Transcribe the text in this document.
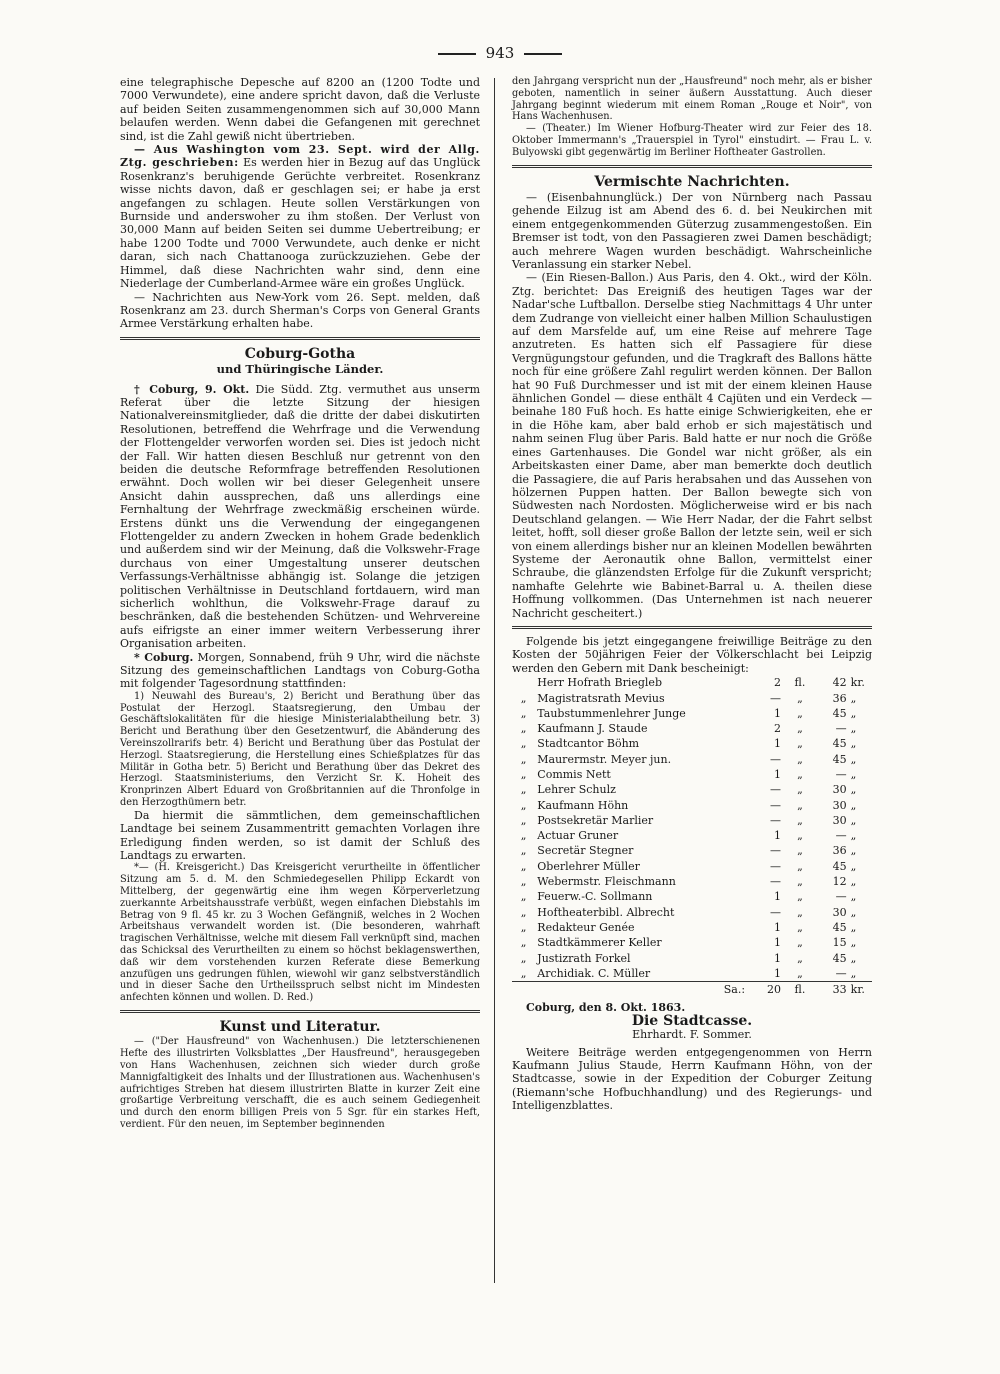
943

eine telegraphische Depesche auf 8200 an (1200 Todte und 7000 Verwundete), eine andere spricht davon, daß die Verluste auf beiden Seiten zusammengenommen sich auf 30,000 Mann belaufen werden. Wenn dabei die Gefangenen mit gerechnet sind, ist die Zahl gewiß nicht übertrieben.

— Aus Washington vom 23. Sept. wird der Allg. Ztg. geschrieben: Es werden hier in Bezug auf das Unglück Rosenkranz's beruhigende Gerüchte verbreitet. Rosenkranz wisse nichts davon, daß er geschlagen sei; er habe ja erst angefangen zu schlagen. Heute sollen Verstärkungen von Burnside und anderswoher zu ihm stoßen. Der Verlust von 30,000 Mann auf beiden Seiten sei dumme Uebertreibung; er habe 1200 Todte und 7000 Verwundete, auch denke er nicht daran, sich nach Chattanooga zurückzuziehen. Gebe der Himmel, daß diese Nachrichten wahr sind, denn eine Niederlage der Cumberland-Armee wäre ein großes Unglück.

— Nachrichten aus New-York vom 26. Sept. melden, daß Rosenkranz am 23. durch Sherman's Corps von General Grants Armee Verstärkung erhalten habe.

Coburg-Gotha
und Thüringische Länder.

† Coburg, 9. Okt. Die Südd. Ztg. vermuthet aus unserm Referat über die letzte Sitzung der hiesigen Nationalvereinsmitglieder, daß die dritte der dabei diskutirten Resolutionen, betreffend die Wehrfrage und die Verwendung der Flottengelder verworfen worden sei. Dies ist jedoch nicht der Fall. Wir hatten diesen Beschluß nur getrennt von den beiden die deutsche Reformfrage betreffenden Resolutionen erwähnt. Doch wollen wir bei dieser Gelegenheit unsere Ansicht dahin aussprechen, daß uns allerdings eine Fernhaltung der Wehrfrage zweckmäßig erscheinen würde. Erstens dünkt uns die Verwendung der eingegangenen Flottengelder zu andern Zwecken in hohem Grade bedenklich und außerdem sind wir der Meinung, daß die Volkswehr-Frage durchaus von einer Umgestaltung unserer deutschen Verfassungs-Verhältnisse abhängig ist. Solange die jetzigen politischen Verhältnisse in Deutschland fortdauern, wird man sicherlich wohlthun, die Volkswehr-Frage darauf zu beschränken, daß die bestehenden Schützen- und Wehrvereine aufs eifrigste an einer immer weitern Verbesserung ihrer Organisation arbeiten.

* Coburg. Morgen, Sonnabend, früh 9 Uhr, wird die nächste Sitzung des gemeinschaftlichen Landtags von Coburg-Gotha mit folgender Tagesordnung stattfinden:

1) Neuwahl des Bureau's, 2) Bericht und Berathung über das Postulat der Herzogl. Staatsregierung, den Umbau der Geschäftslokalitäten für die hiesige Ministerialabtheilung betr. 3) Bericht und Berathung über den Gesetzentwurf, die Abänderung des Vereinszollrarifs betr. 4) Bericht und Berathung über das Postulat der Herzogl. Staatsregierung, die Herstellung eines Schießplatzes für das Militär in Gotha betr. 5) Bericht und Berathung über das Dekret des Herzogl. Staatsministeriums, den Verzicht Sr. K. Hoheit des Kronprinzen Albert Eduard von Großbritannien auf die Thronfolge in den Herzogthümern betr.

Da hiermit die sämmtlichen, dem gemeinschaftlichen Landtage bei seinem Zusammentritt gemachten Vorlagen ihre Erledigung finden werden, so ist damit der Schluß des Landtags zu erwarten.

*— (H. Kreisgericht.) Das Kreisgericht verurtheilte in öffentlicher Sitzung am 5. d. M. den Schmiedegesellen Philipp Eckardt von Mittelberg, der gegenwärtig eine ihm wegen Körperverletzung zuerkannte Arbeitshausstrafe verbüßt, wegen einfachen Diebstahls im Betrag von 9 fl. 45 kr. zu 3 Wochen Gefängniß, welches in 2 Wochen Arbeitshaus verwandelt worden ist. (Die besonderen, wahrhaft tragischen Verhältnisse, welche mit diesem Fall verknüpft sind, machen das Schicksal des Verurtheilten zu einem so höchst beklagenswerthen, daß wir dem vorstehenden kurzen Referate diese Bemerkung anzufügen uns gedrungen fühlen, wiewohl wir ganz selbstverständlich und in dieser Sache den Urtheilsspruch selbst nicht im Mindesten anfechten können und wollen. D. Red.)

Kunst und Literatur.

— ("Der Hausfreund" von Wachenhusen.) Die letzterschienenen Hefte des illustrirten Volksblattes „Der Hausfreund", herausgegeben von Hans Wachenhusen, zeichnen sich wieder durch große Mannigfaltigkeit des Inhalts und der Illustrationen aus. Wachenhusen's aufrichtiges Streben hat diesem illustrirten Blatte in kurzer Zeit eine großartige Verbreitung verschafft, die es auch seinem Gediegenheit und durch den enorm billigen Preis von 5 Sgr. für ein starkes Heft, verdient. Für den neuen, im September beginnenden

den Jahrgang verspricht nun der „Hausfreund" noch mehr, als er bisher geboten, namentlich in seiner äußern Ausstattung. Auch dieser Jahrgang beginnt wiederum mit einem Roman „Rouge et Noir", von Hans Wachenhusen.

— (Theater.) Im Wiener Hofburg-Theater wird zur Feier des 18. Oktober Immermann's „Trauerspiel in Tyrol" einstudirt. — Frau L. v. Bulyowski gibt gegenwärtig im Berliner Hoftheater Gastrollen.

Vermischte Nachrichten.

— (Eisenbahnunglück.) Der von Nürnberg nach Passau gehende Eilzug ist am Abend des 6. d. bei Neukirchen mit einem entgegenkommenden Güterzug zusammengestoßen. Ein Bremser ist todt, von den Passagieren zwei Damen beschädigt; auch mehrere Wagen wurden beschädigt. Wahrscheinliche Veranlassung ein starker Nebel.

— (Ein Riesen-Ballon.) Aus Paris, den 4. Okt., wird der Köln. Ztg. berichtet: Das Ereigniß des heutigen Tages war der Nadar'sche Luftballon. Derselbe stieg Nachmittags 4 Uhr unter dem Zudrange von vielleicht einer halben Million Schaulustigen auf dem Marsfelde auf, um eine Reise auf mehrere Tage anzutreten. Es hatten sich elf Passagiere für diese Vergnügungstour gefunden, und die Tragkraft des Ballons hätte noch für eine größere Zahl regulirt werden können. Der Ballon hat 90 Fuß Durchmesser und ist mit der einem kleinen Hause ähnlichen Gondel — diese enthält 4 Cajüten und ein Verdeck — beinahe 180 Fuß hoch. Es hatte einige Schwierigkeiten, ehe er in die Höhe kam, aber bald erhob er sich majestätisch und nahm seinen Flug über Paris. Bald hatte er nur noch die Größe eines Gartenhauses. Die Gondel war nicht größer, als ein Arbeitskasten einer Dame, aber man bemerkte doch deutlich die Passagiere, die auf Paris herabsahen und das Aussehen von hölzernen Puppen hatten. Der Ballon bewegte sich von Südwesten nach Nordosten. Möglicherweise wird er bis nach Deutschland gelangen. — Wie Herr Nadar, der die Fahrt selbst leitet, hofft, soll dieser große Ballon der letzte sein, weil er sich von einem allerdings bisher nur an kleinen Modellen bewährten Systeme der Aeronautik ohne Ballon, vermittelst einer Schraube, die glänzendsten Erfolge für die Zukunft verspricht; namhafte Gelehrte wie Babinet-Barral u. A. theilen diese Hoffnung vollkommen. (Das Unternehmen ist nach neuerer Nachricht gescheitert.)

Folgende bis jetzt eingegangene freiwillige Beiträge zu den Kosten der 50jährigen Feier der Völkerschlacht bei Leipzig werden den Gebern mit Dank bescheinigt:

	Herr Hofrath Briegleb	2	fl.	42	kr.
„	Magistratsrath Mevius	—	„	36	„
„	Taubstummenlehrer Junge	1	„	45	„
„	Kaufmann J. Staude	2	„	—	„
„	Stadtcantor Böhm	1	„	45	„
„	Maurermstr. Meyer jun.	—	„	45	„
„	Commis Nett	1	„	—	„
„	Lehrer Schulz	—	„	30	„
„	Kaufmann Höhn	—	„	30	„
„	Postsekretär Marlier	—	„	30	„
„	Actuar Gruner	1	„	—	„
„	Secretär Stegner	—	„	36	„
„	Oberlehrer Müller	—	„	45	„
„	Webermstr. Fleischmann	—	„	12	„
„	Feuerw.-C. Sollmann	1	„	—	„
„	Hoftheaterbibl. Albrecht	—	„	30	„
„	Redakteur Genée	1	„	45	„
„	Stadtkämmerer Keller	1	„	15	„
„	Justizrath Forkel	1	„	45	„
„	Archidiak. C. Müller	1	„	—	„
	Sa.:	20	fl.	33	kr.

Coburg, den 8. Okt. 1863.

Die Stadtcasse.
Ehrhardt. F. Sommer.

Weitere Beiträge werden entgegengenommen von Herrn Kaufmann Julius Staude, Herrn Kaufmann Höhn, von der Stadtcasse, sowie in der Expedition der Coburger Zeitung (Riemann'sche Hofbuchhandlung) und des Regierungs- und Intelligenzblattes.
